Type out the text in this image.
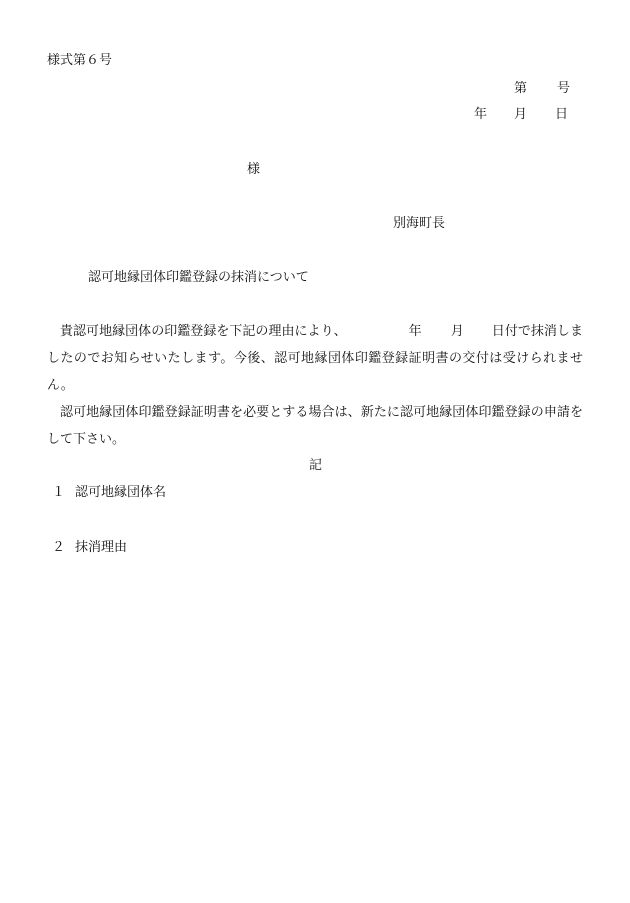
様式第６号
第 号
年 月 日
様
別海町長
認可地縁団体印鑑登録の抹消について
貴認可地縁団体の印鑑登録を下記の理由により、	年 月 日付で抹消しましたのでお知らせいたします。今後、認可地縁団体印鑑登録証明書の交付は受けられません。
認可地縁団体印鑑登録証明書を必要とする場合は、新たに認可地縁団体印鑑登録の申請をして下さい。
記
１ 認可地縁団体名
２ 抹消理由
